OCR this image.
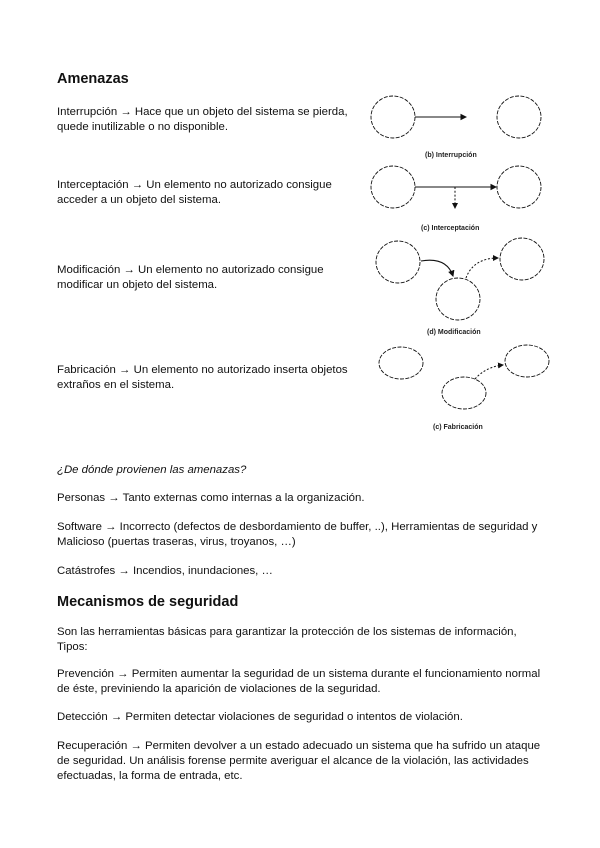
Amenazas

Interrupción → Hace que un objeto del sistema se pierda, quede inutilizable o no disponible.

Interceptación → Un elemento no autorizado consigue acceder a un objeto del sistema.

Modificación → Un elemento no autorizado consigue modificar un objeto del sistema.

Fabricación → Un elemento no autorizado inserta objetos extraños en el sistema.

(b) Interrupción
(c) Interceptación
(d) Modificación
(c) Fabricación

¿De dónde provienen las amenazas?

Personas → Tanto externas como internas a la organización.

Software → Incorrecto (defectos de desbordamiento de buffer, ..), Herramientas de seguridad y Malicioso (puertas traseras, virus, troyanos, …)

Catástrofes → Incendios, inundaciones, …

Mecanismos de seguridad

Son las herramientas básicas para garantizar la protección de los sistemas de información, Tipos:

Prevención → Permiten aumentar la seguridad de un sistema durante el funcionamiento normal de éste, previniendo la aparición de violaciones de la seguridad.

Detección → Permiten detectar violaciones de seguridad o intentos de violación.

Recuperación → Permiten devolver a un estado adecuado un sistema que ha sufrido un ataque de seguridad. Un análisis forense permite averiguar el alcance de la violación, las actividades efectuadas, la forma de entrada, etc.
